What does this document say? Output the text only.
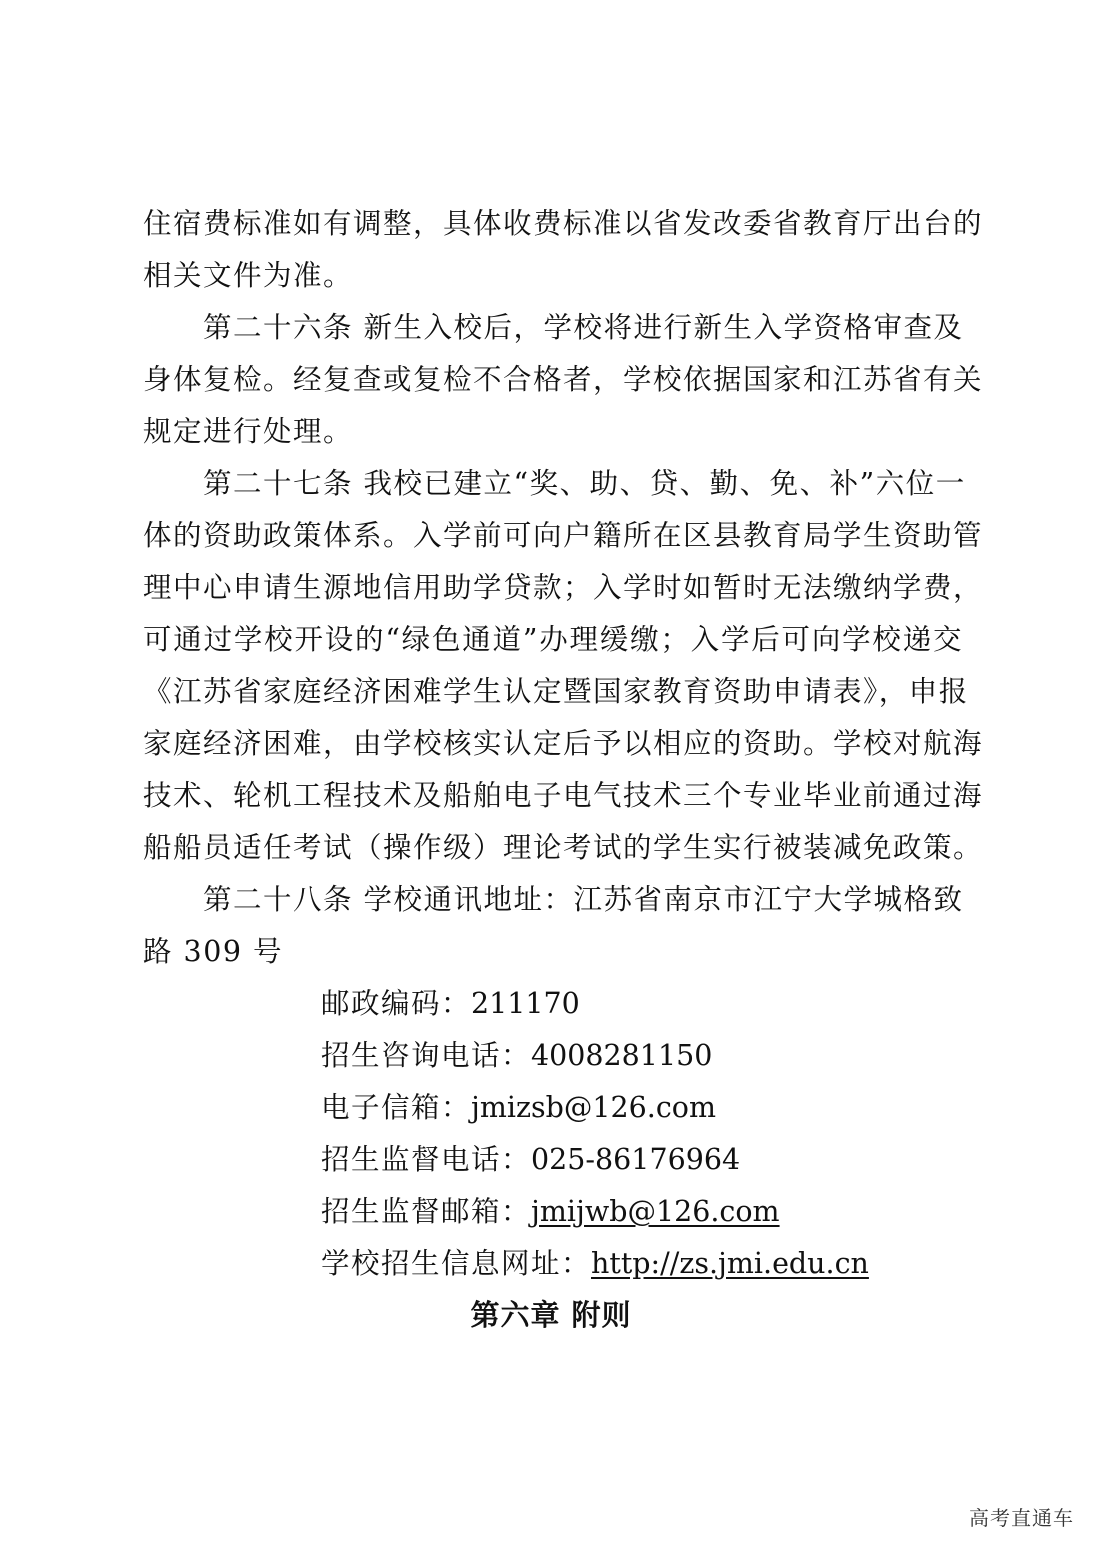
住宿费标准如有调整，具体收费标准以省发改委省教育厅出台的
相关文件为准。
第二十六条 新生入校后，学校将进行新生入学资格审查及
身体复检。经复查或复检不合格者，学校依据国家和江苏省有关
规定进行处理。
第二十七条 我校已建立“奖、助、贷、勤、免、补”六位一
体的资助政策体系。入学前可向户籍所在区县教育局学生资助管
理中心申请生源地信用助学贷款；入学时如暂时无法缴纳学费，
可通过学校开设的“绿色通道”办理缓缴；入学后可向学校递交
《江苏省家庭经济困难学生认定暨国家教育资助申请表》，申报
家庭经济困难，由学校核实认定后予以相应的资助。学校对航海
技术、轮机工程技术及船舶电子电气技术三个专业毕业前通过海
船船员适任考试（操作级）理论考试的学生实行被装减免政策。
第二十八条 学校通讯地址：江苏省南京市江宁大学城格致
路 309 号
邮政编码：211170
招生咨询电话：4008281150
电子信箱：jmizsb@126.com
招生监督电话：025-86176964
招生监督邮箱：jmijwb@126.com
学校招生信息网址：http://zs.jmi.edu.cn
第六章 附则
高考直通车
